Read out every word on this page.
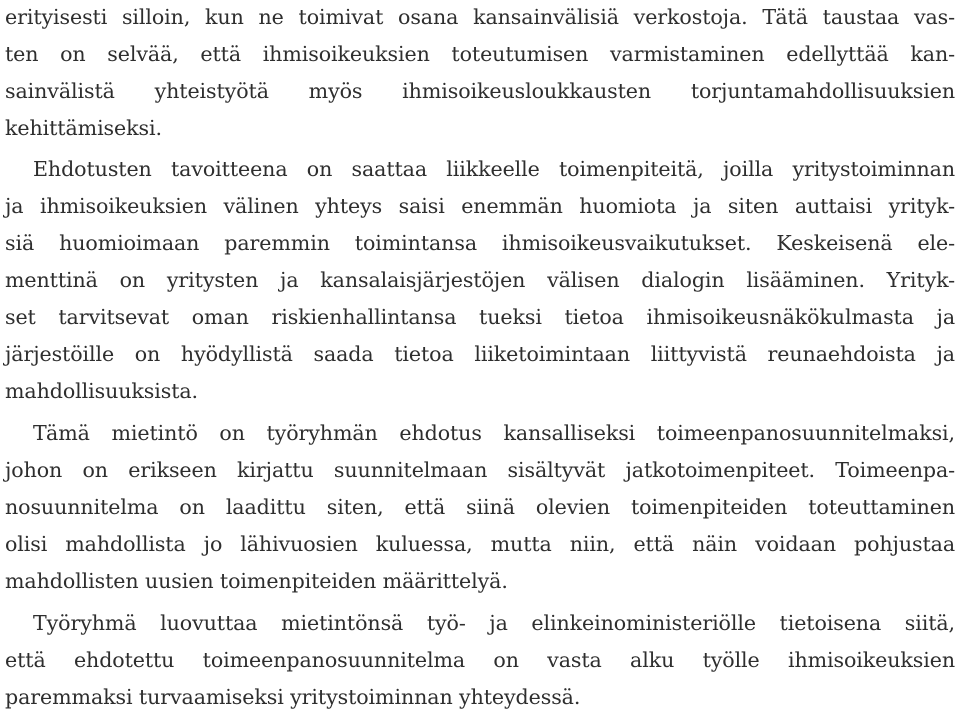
erityisesti silloin, kun ne toimivat osana kansainvälisiä verkostoja. Tätä taustaa vas-
ten on selvää, että ihmisoikeuksien toteutumisen varmistaminen edellyttää kan-
sainvälistä yhteistyötä myös ihmisoikeusloukkausten torjuntamahdollisuuksien
kehittämiseksi.
Ehdotusten tavoitteena on saattaa liikkeelle toimenpiteitä, joilla yritystoiminnan
ja ihmisoikeuksien välinen yhteys saisi enemmän huomiota ja siten auttaisi yrityk-
siä huomioimaan paremmin toimintansa ihmisoikeusvaikutukset. Keskeisenä ele-
menttinä on yritysten ja kansalaisjärjestöjen välisen dialogin lisääminen. Yrityk-
set tarvitsevat oman riskienhallintansa tueksi tietoa ihmisoikeusnäkökulmasta ja
järjestöille on hyödyllistä saada tietoa liiketoimintaan liittyvistä reunaehdoista ja
mahdollisuuksista.
Tämä mietintö on työryhmän ehdotus kansalliseksi toimeenpanosuunnitelmaksi,
johon on erikseen kirjattu suunnitelmaan sisältyvät jatkotoimenpiteet. Toimeenpa-
nosuunnitelma on laadittu siten, että siinä olevien toimenpiteiden toteuttaminen
olisi mahdollista jo lähivuosien kuluessa, mutta niin, että näin voidaan pohjustaa
mahdollisten uusien toimenpiteiden määrittelyä.
Työryhmä luovuttaa mietintönsä työ- ja elinkeinoministeriölle tietoisena siitä,
että ehdotettu toimeenpanosuunnitelma on vasta alku työlle ihmisoikeuksien
paremmaksi turvaamiseksi yritystoiminnan yhteydessä.
